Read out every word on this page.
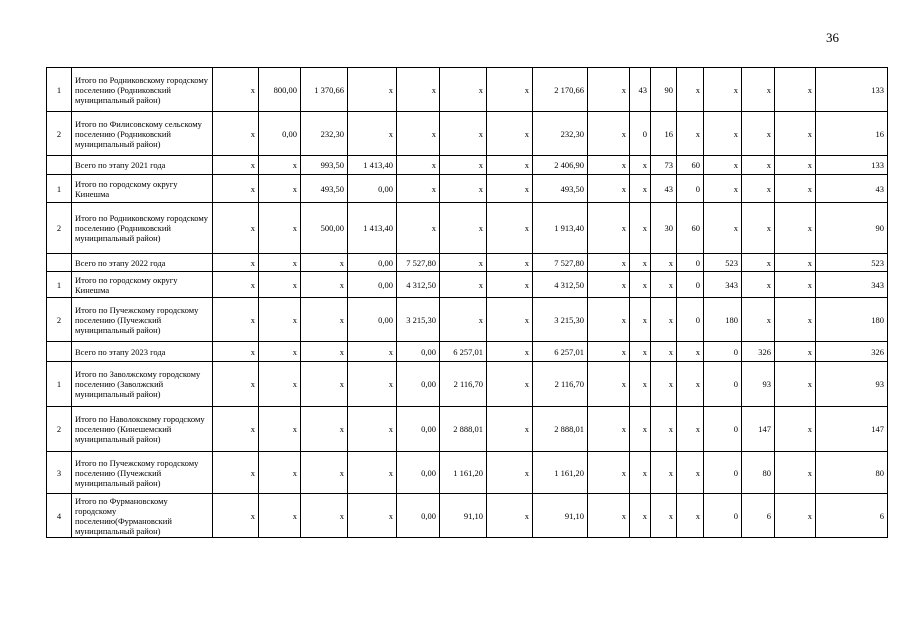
36
1	Итого по Родниковскому городскому поселению (Родниковский муниципальный район)	х	800,00	1 370,66	х	х	х	х	2 170,66	х	43	90	х	х	х	х	133
2	Итого по Филисовскому сельскому поселению (Родниковский муниципальный район)	х	0,00	232,30	х	х	х	х	232,30	х	0	16	х	х	х	х	16
	Всего по этапу 2021 года	х	х	993,50	1 413,40	х	х	х	2 406,90	х	х	73	60	х	х	х	133
1	Итого по городскому округу Кинешма	х	х	493,50	0,00	х	х	х	493,50	х	х	43	0	х	х	х	43
2	Итого по Родниковскому городскому поселению (Родниковский муниципальный район)	х	х	500,00	1 413,40	х	х	х	1 913,40	х	х	30	60	х	х	х	90
	Всего по этапу 2022 года	х	х	х	0,00	7 527,80	х	х	7 527,80	х	х	х	0	523	х	х	523
1	Итого по городскому округу Кинешма	х	х	х	0,00	4 312,50	х	х	4 312,50	х	х	х	0	343	х	х	343
2	Итого по Пучежскому городскому поселению (Пучежский муниципальный район)	х	х	х	0,00	3 215,30	х	х	3 215,30	х	х	х	0	180	х	х	180
	Всего по этапу 2023 года	х	х	х	х	0,00	6 257,01	х	6 257,01	х	х	х	х	0	326	х	326
1	Итого по Заволжскому городскому поселению (Заволжский муниципальный район)	х	х	х	х	0,00	2 116,70	х	2 116,70	х	х	х	х	0	93	х	93
2	Итого по Наволокскому городскому поселению (Кинешемский муниципальный район)	х	х	х	х	0,00	2 888,01	х	2 888,01	х	х	х	х	0	147	х	147
3	Итого по Пучежскому городскому поселению (Пучежский муниципальный район)	х	х	х	х	0,00	1 161,20	х	1 161,20	х	х	х	х	0	80	х	80
4	Итого по Фурмановскому городскому поселению(Фурмановский муниципальный район)	х	х	х	х	0,00	91,10	х	91,10	х	х	х	х	0	6	х	6
